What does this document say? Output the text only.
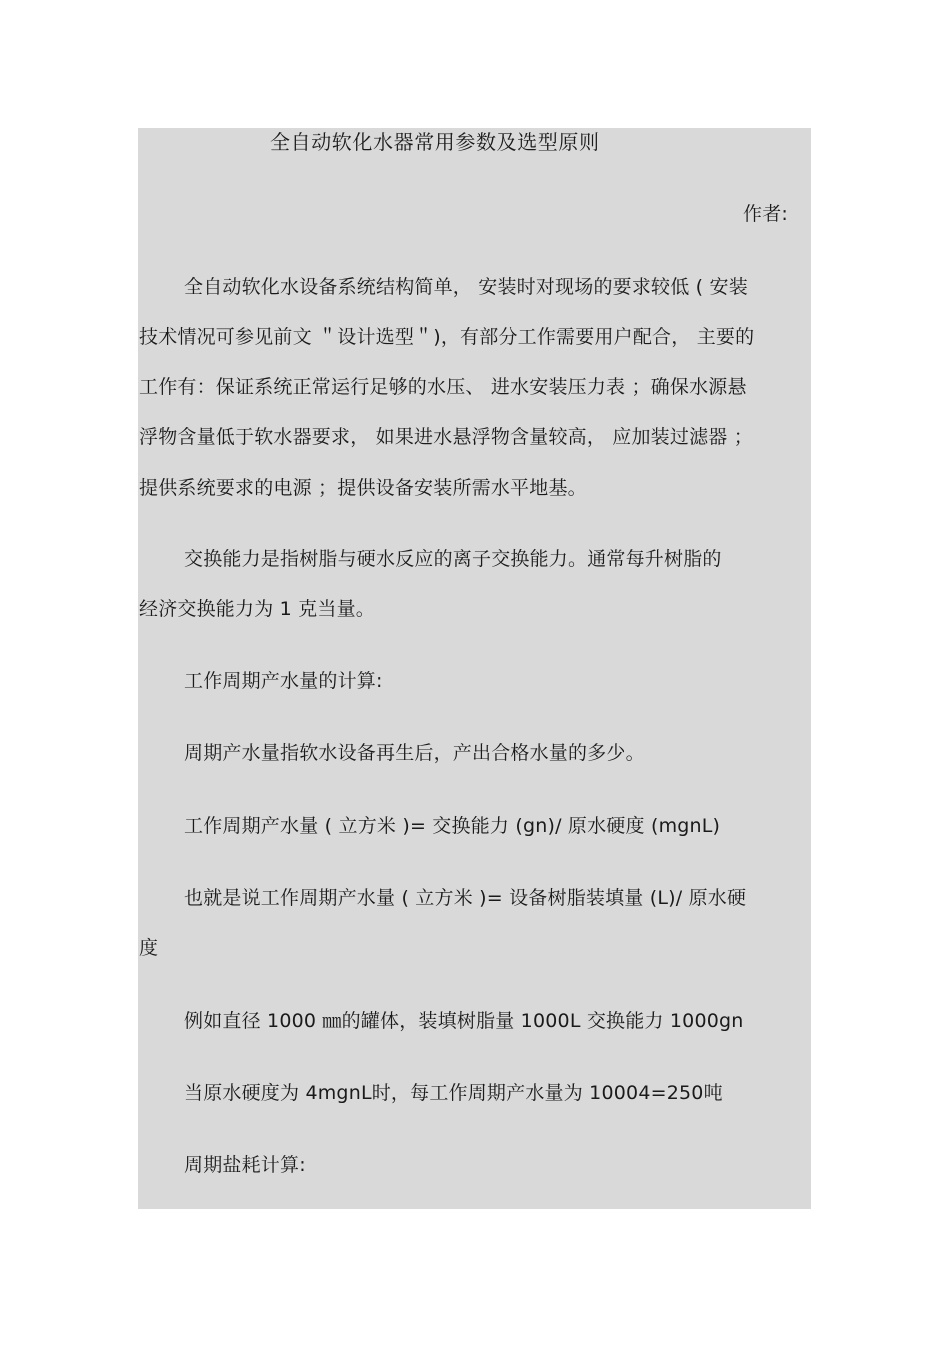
全自动软化水器常用参数及选型原则
作者:
全自动软化水设备系统结构简单， 安装时对现场的要求较低 ( 安装
技术情况可参见前文 ＂设计选型＂)，有部分工作需要用户配合， 主要的
工作有：保证系统正常运行足够的水压、 进水安装压力表 ；确保水源悬
浮物含量低于软水器要求， 如果进水悬浮物含量较高， 应加装过滤器 ；
提供系统要求的电源 ；提供设备安装所需水平地基。
交换能力是指树脂与硬水反应的离子交换能力。通常每升树脂的
经济交换能力为 1 克当量。
工作周期产水量的计算:
周期产水量指软水设备再生后，产出合格水量的多少。
工作周期产水量 ( 立方米 )= 交换能力 (gn)/ 原水硬度 (mgnL)
也就是说工作周期产水量 ( 立方米 )= 设备树脂装填量 (L)/ 原水硬
度
例如直径 1000 ㎜的罐体，装填树脂量 1000L 交换能力 1000gn
当原水硬度为 4mgnL时，每工作周期产水量为 10004=250吨
周期盐耗计算:
